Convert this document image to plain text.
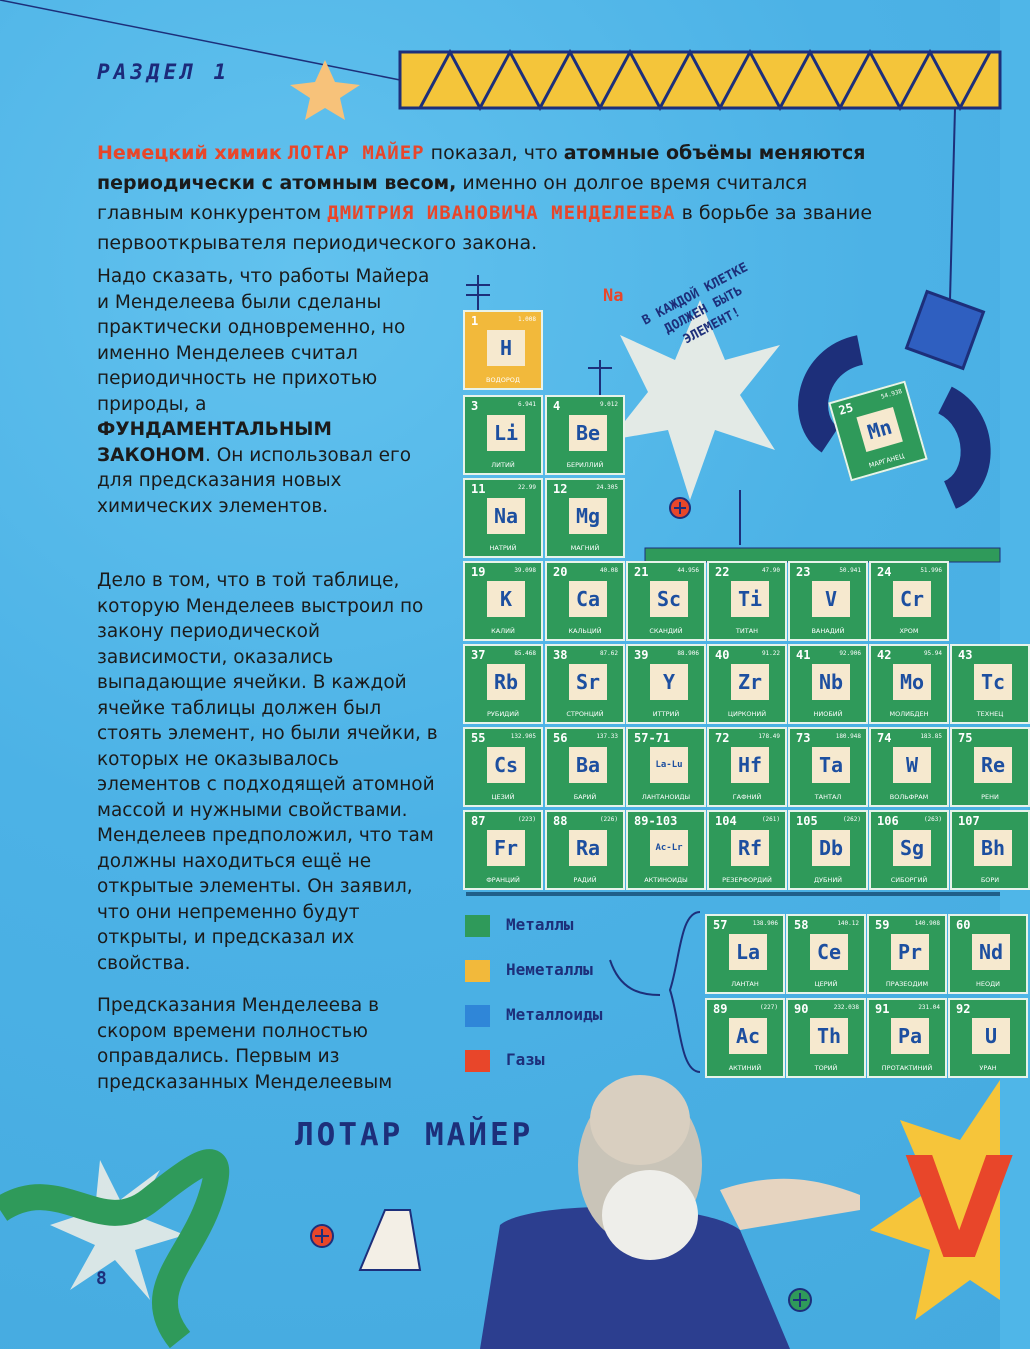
РАЗДЕЛ 1
Немецкий химик ЛОТАР МАЙЕР показал, что атомные объёмы меняются периодически с атомным весом, именно он долгое время считался главным конкурентом ДМИТРИЯ ИВАНОВИЧА МЕНДЕЛЕЕВА в борьбе за звание первооткрывателя периодического закона.
Надо сказать, что работы Майера и Менделеева были сделаны практически одновременно, но именно Менделеев считал периодичность не прихотью природы, а ФУНДАМЕНТАЛЬНЫМ ЗАКОНОМ. Он использовал его для предсказания новых химических элементов.
Дело в том, что в той таблице, которую Менделеев выстроил по закону периодической зависимости, оказались выпадающие ячейки. В каждой ячейке таблицы должен был стоять элемент, но были ячейки, в которых не оказывалось элементов с подходящей атомной массой и нужными свойствами. Менделеев предположил, что там должны находиться ещё не открытые элементы. Он заявил, что они непременно будут открыты, и предсказал их свойства.
Предсказания Менделеева в скором времени полностью оправдались. Первым из предсказанных Менделеевым
Na	В КАЖДОЙ КЛЕТКЕ ДОЛЖЕН БЫТЬ ЭЛЕМЕНТ!
25
54.938
Mn
МАРГАНЕЦ
1	1.008
H
ВОДОРОД
3	6.941
Li
ЛИТИЙ
4	9.012
Be
БЕРИЛЛИЙ
11	22.99
Na
НАТРИЙ
12	24.305
Mg
МАГНИЙ
19	39.098
K
КАЛИЙ
20	40.08
Ca
КАЛЬЦИЙ
21	44.956
Sc
СКАНДИЙ
22	47.90
Ti
ТИТАН
23	50.941
V
ВАНАДИЙ
24	51.996
Cr
ХРОМ
37	85.468
Rb
РУБИДИЙ
38	87.62
Sr
СТРОНЦИЙ
39	88.906
Y
ИТТРИЙ
40	91.22
Zr
ЦИРКОНИЙ
41	92.906
Nb
НИОБИЙ
42	95.94
Mo
МОЛИБДЕН
43
Tc
ТЕХНЕЦ
55	132.905
Cs
ЦЕЗИЙ
56	137.33
Ba
БАРИЙ
57-71
La-Lu
ЛАНТАНОИДЫ
72	178.49
Hf
ГАФНИЙ
73	180.948
Ta
ТАНТАЛ
74	183.85
W
ВОЛЬФРАМ
75
Re
РЕНИ
87	(223)
Fr
ФРАНЦИЙ
88	(226)
Ra
РАДИЙ
89-103
Ac-Lr
АКТИНОИДЫ
104	(261)
Rf
РЕЗЕРФОРДИЙ
105	(262)
Db
ДУБНИЙ
106	(263)
Sg
СИБОРГИЙ
107
Bh
БОРИ
57	138.906
La
ЛАНТАН
58	140.12
Ce
ЦЕРИЙ
59	140.908
Pr
ПРАЗЕОДИМ
60
Nd
НЕОДИ
89	(227)
Ac
АКТИНИЙ
90	232.038
Th
ТОРИЙ
91	231.04
Pa
ПРОТАКТИНИЙ
92
U
УРАН
Металлы
Неметаллы
Металлоиды
Газы
ЛОТАР МАЙЕР	V
8
